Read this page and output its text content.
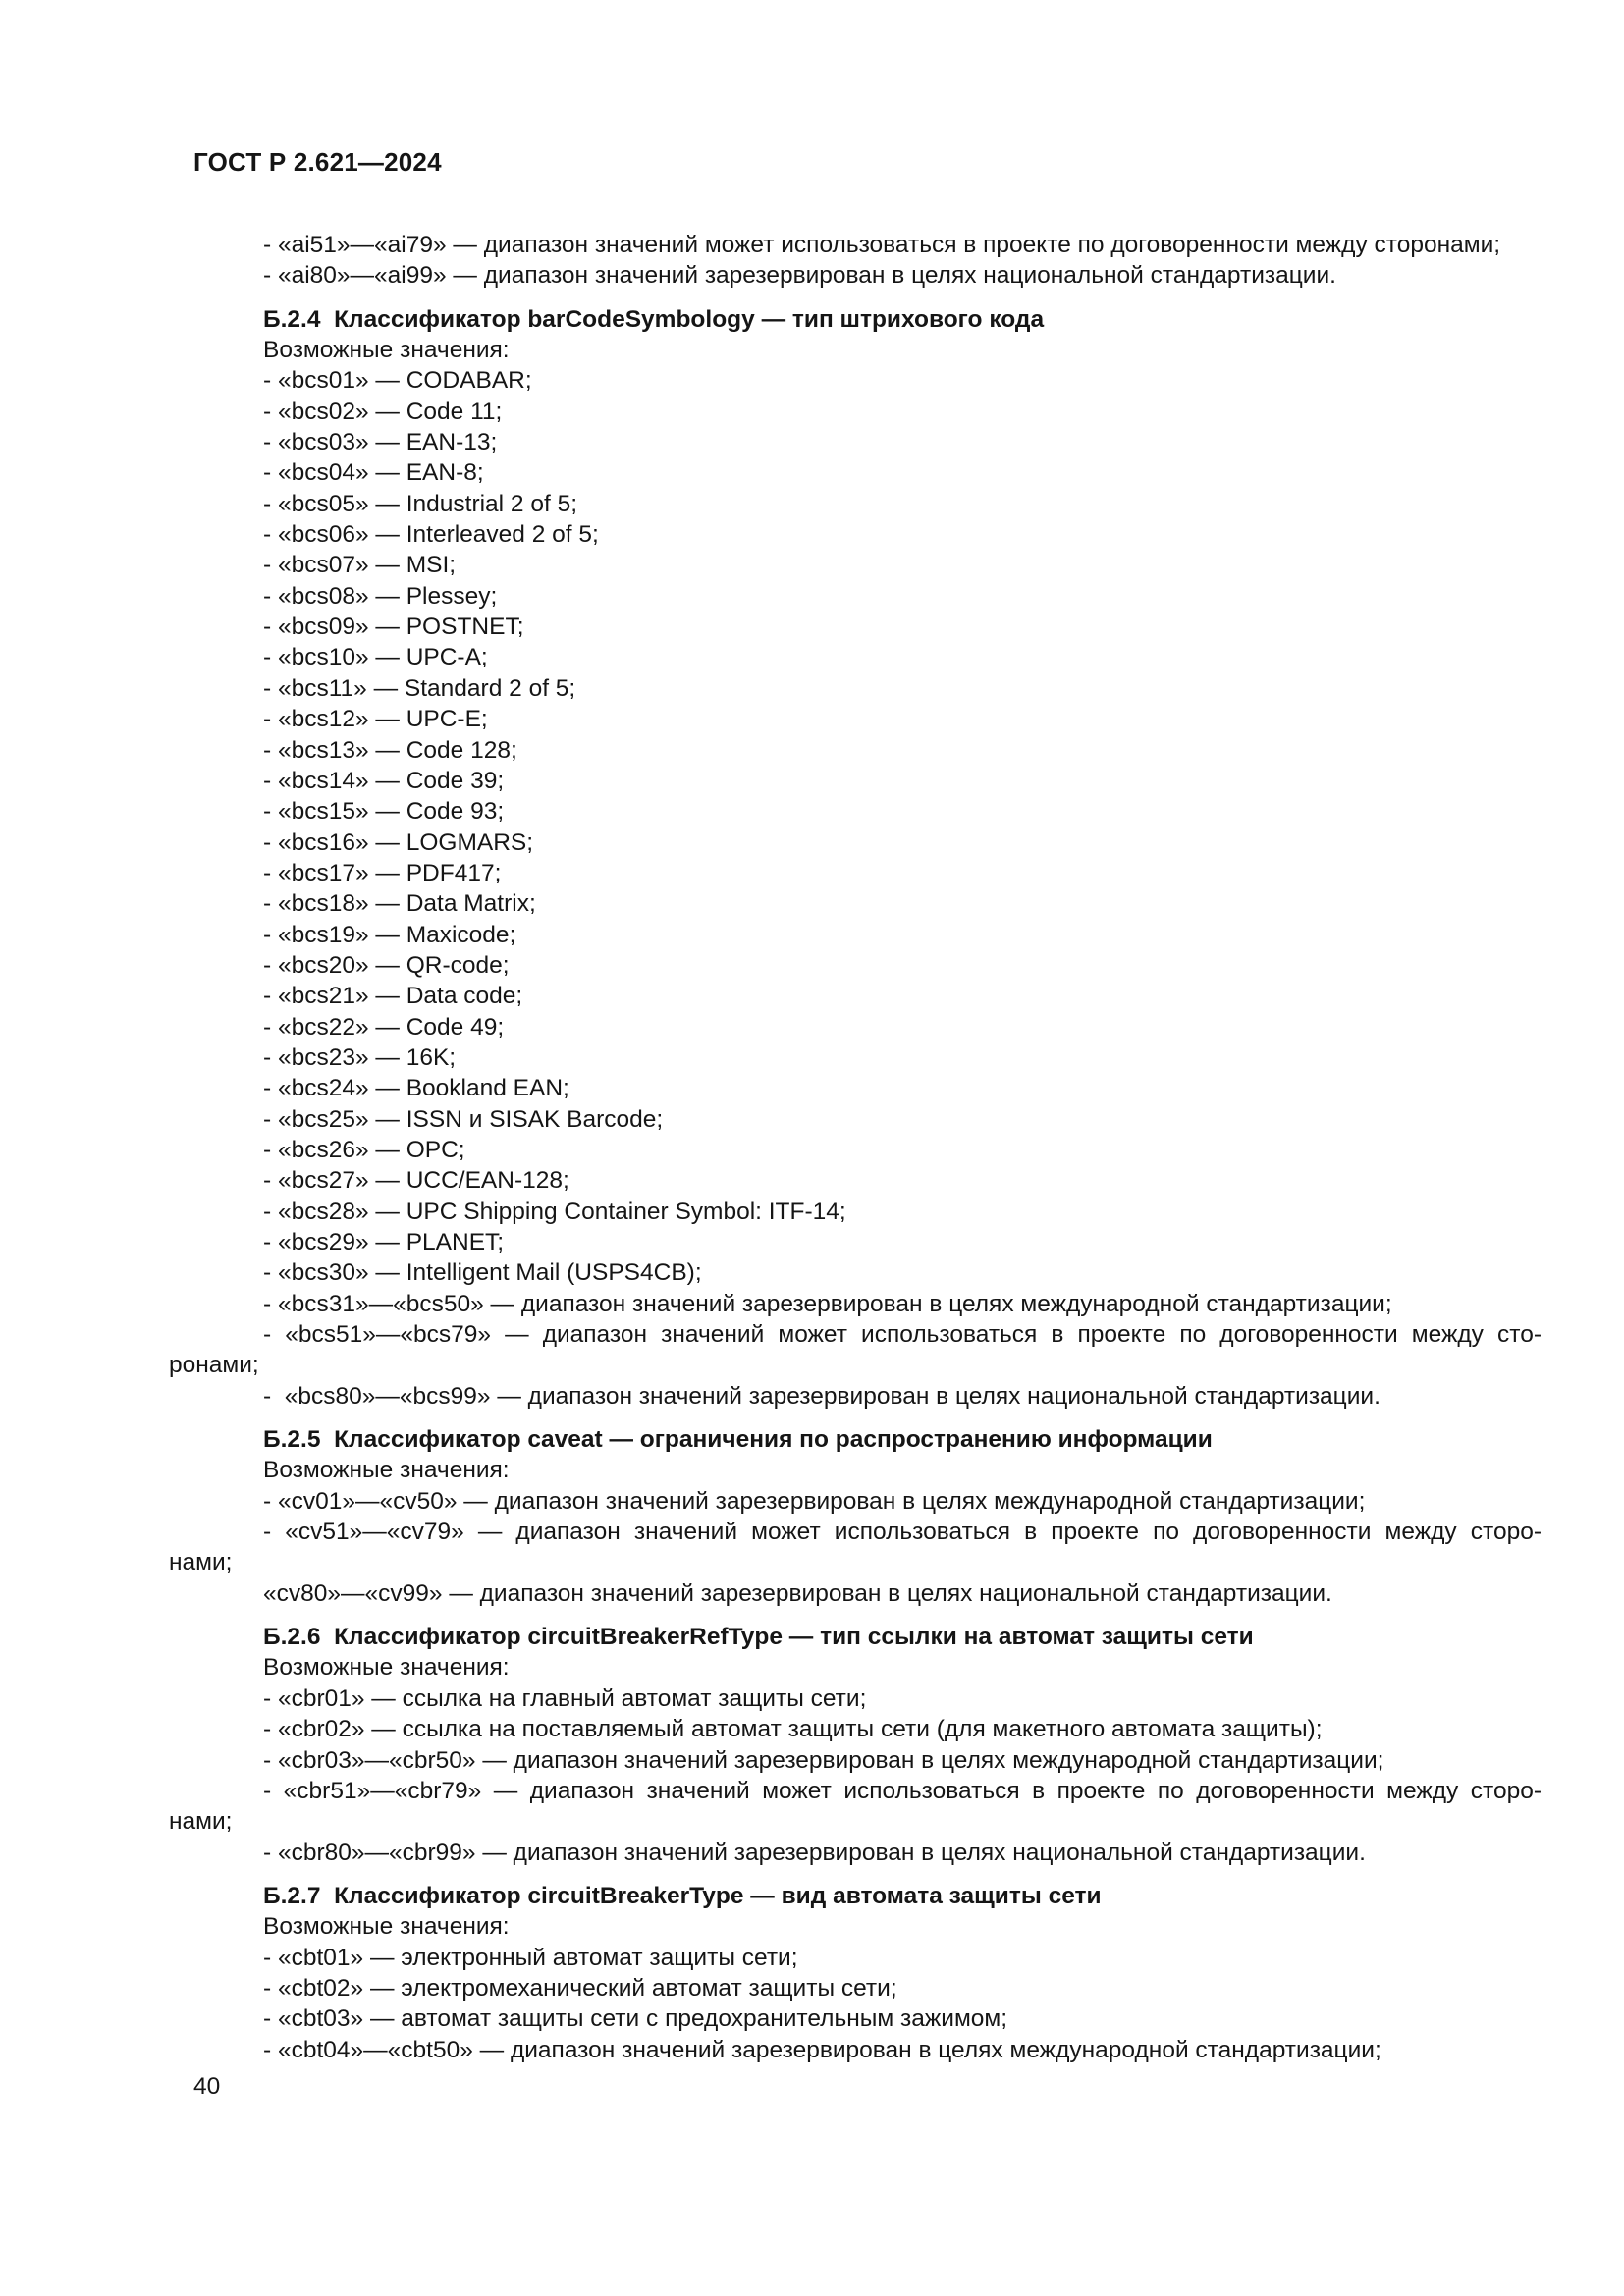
ГОСТ Р 2.621—2024
- «ai51»—«ai79» — диапазон значений может использоваться в проекте по договоренности между сторонами;
- «ai80»—«ai99» — диапазон значений зарезервирован в целях национальной стандартизации.
Б.2.4  Классификатор barCodeSymbology — тип штрихового кода
Возможные значения:
- «bcs01» — CODABAR;
- «bcs02» — Code 11;
- «bcs03» — EAN-13;
- «bcs04» — EAN-8;
- «bcs05» — Industrial 2 of 5;
- «bcs06» — Interleaved 2 of 5;
- «bcs07» — MSI;
- «bcs08» — Plessey;
- «bcs09» — POSTNET;
- «bcs10» — UPC-A;
- «bcs11» — Standard 2 of 5;
- «bcs12» — UPC-E;
- «bcs13» — Code 128;
- «bcs14» — Code 39;
- «bcs15» — Code 93;
- «bcs16» — LOGMARS;
- «bcs17» — PDF417;
- «bcs18» — Data Matrix;
- «bcs19» — Maxicode;
- «bcs20» — QR-code;
- «bcs21» — Data code;
- «bcs22» — Code 49;
- «bcs23» — 16K;
- «bcs24» — Bookland EAN;
- «bcs25» — ISSN и SISAK Barcode;
- «bcs26» — OPC;
- «bcs27» — UCC/EAN-128;
- «bcs28» — UPC Shipping Container Symbol: ITF-14;
- «bcs29» — PLANET;
- «bcs30» — Intelligent Mail (USPS4CB);
- «bcs31»—«bcs50» — диапазон значений зарезервирован в целях международной стандартизации;
- «bcs51»—«bcs79» — диапазон значений может использоваться в проекте по договоренности между сто-
ронами;
-  «bcs80»—«bcs99» — диапазон значений зарезервирован в целях национальной стандартизации.
Б.2.5  Классификатор caveat — ограничения по распространению информации
Возможные значения:
- «cv01»—«cv50» — диапазон значений зарезервирован в целях международной стандартизации;
- «cv51»—«cv79» — диапазон значений может использоваться в проекте по договоренности между сторо-
нами;
«cv80»—«cv99» — диапазон значений зарезервирован в целях национальной стандартизации.
Б.2.6  Классификатор circuitBreakerRefType — тип ссылки на автомат защиты сети
Возможные значения:
- «cbr01» — ссылка на главный автомат защиты сети;
- «cbr02» — ссылка на поставляемый автомат защиты сети (для макетного автомата защиты);
- «cbr03»—«cbr50» — диапазон значений зарезервирован в целях международной стандартизации;
- «cbr51»—«cbr79» — диапазон значений может использоваться в проекте по договоренности между сторо-
нами;
- «cbr80»—«cbr99» — диапазон значений зарезервирован в целях национальной стандартизации.
Б.2.7  Классификатор circuitBreakerType — вид автомата защиты сети
Возможные значения:
- «cbt01» — электронный автомат защиты сети;
- «cbt02» — электромеханический автомат защиты сети;
- «cbt03» — автомат защиты сети с предохранительным зажимом;
- «cbt04»—«cbt50» — диапазон значений зарезервирован в целях международной стандартизации;
40
